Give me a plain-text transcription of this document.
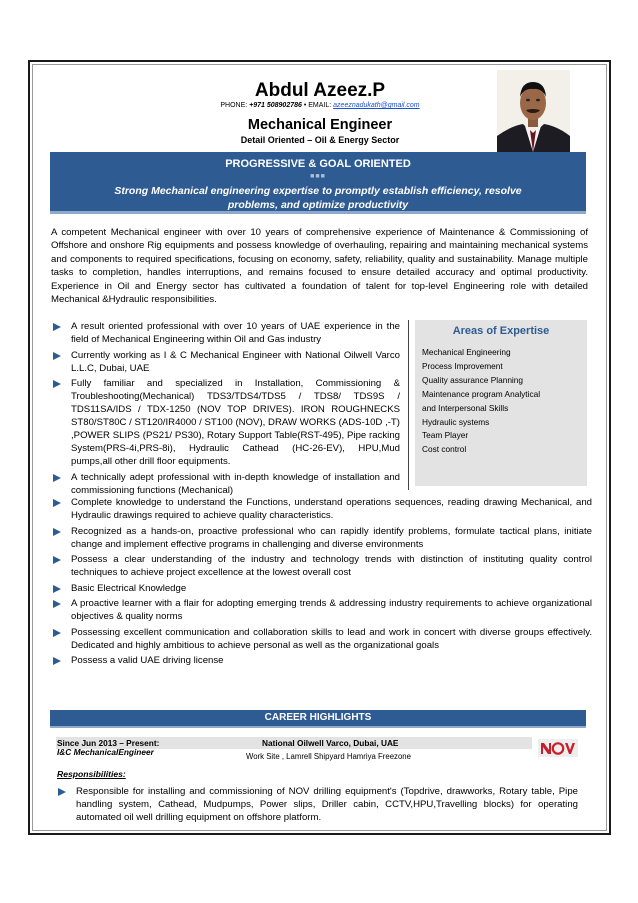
Abdul Azeez.P
PHONE: +971 508902786 • EMAIL: azeeznadukath@gmail.com
Mechanical Engineer
Detail Oriented – Oil & Energy Sector
PROGRESSIVE & GOAL ORIENTED
■■■
Strong Mechanical engineering expertise to promptly establish efficiency, resolve problems, and optimize productivity
A competent Mechanical engineer with over 10 years of comprehensive experience of Maintenance & Commissioning of Offshore and onshore Rig equipments and possess knowledge of overhauling, repairing and maintaining mechanical systems and components to required specifications, focusing on economy, safety, reliability, quality and sustainability. Manage multiple tasks to completion, handles interruptions, and remains focused to ensure detailed accuracy and optimal productivity. Experience in Oil and Energy sector has cultivated a foundation of talent for top-level Engineering role with detailed Mechanical &Hydraulic responsibilities.
A result oriented professional with over 10 years of UAE experience in the field of Mechanical Engineering within Oil and Gas industry
Currently working as I & C Mechanical Engineer with National Oilwell Varco L.L.C, Dubai, UAE
Fully familiar and specialized in Installation, Commissioning & Troubleshooting(Mechanical) TDS3/TDS4/TDS5 / TDS8/ TDS9S / TDS11SA/IDS / TDX-1250 (NOV TOP DRIVES). IRON ROUGHNECKS ST80/ST80C / ST120/IR4000 / ST100 (NOV), DRAW WORKS (ADS-10D ,-T) ,POWER SLIPS (PS21/ PS30), Rotary Support Table(RST-495), Pipe racking System(PRS-4i,PRS-8i), Hydraulic Cathead (HC-26-EV), HPU,Mud pumps,all other drill floor equipments.
A technically adept professional with in-depth knowledge of installation and commissioning functions (Mechanical)
Areas of Expertise
Mechanical Engineering
Process Improvement
Quality assurance Planning
Maintenance program Analytical
and Interpersonal Skills
Hydraulic systems
Team Player
Cost control
Complete knowledge to understand the Functions, understand operations sequences, reading drawing Mechanical, and Hydraulic drawings required to achieve quality characteristics.
Recognized as a hands-on, proactive professional who can rapidly identify problems, formulate tactical plans, initiate change and implement effective programs in challenging and diverse environments
Possess a clear understanding of the industry and technology trends with distinction of instituting quality control techniques to achieve project excellence at the lowest overall cost
Basic Electrical Knowledge
A proactive learner with a flair for adopting emerging trends & addressing industry requirements to achieve organizational objectives & quality norms
Possessing excellent communication and collaboration skills to lead and work in concert with diverse groups effectively. Dedicated and highly ambitious to achieve personal as well as the organizational goals
Possess a valid UAE driving license
CAREER HIGHLIGHTS
Since Jun 2013 – Present:
I&C MechanicalEngineer
National Oilwell Varco, Dubai, UAE
Work Site , Lamrell Shipyard Hamriya Freezone
Responsibilities:
Responsible for installing and commissioning of NOV drilling equipment's (Topdrive, drawworks, Rotary table, Pipe handling system, Cathead, Mudpumps, Power slips, Driller cabin, CCTV,HPU,Travelling blocks) for operating automated oil well drilling equipment on offshore platform.
